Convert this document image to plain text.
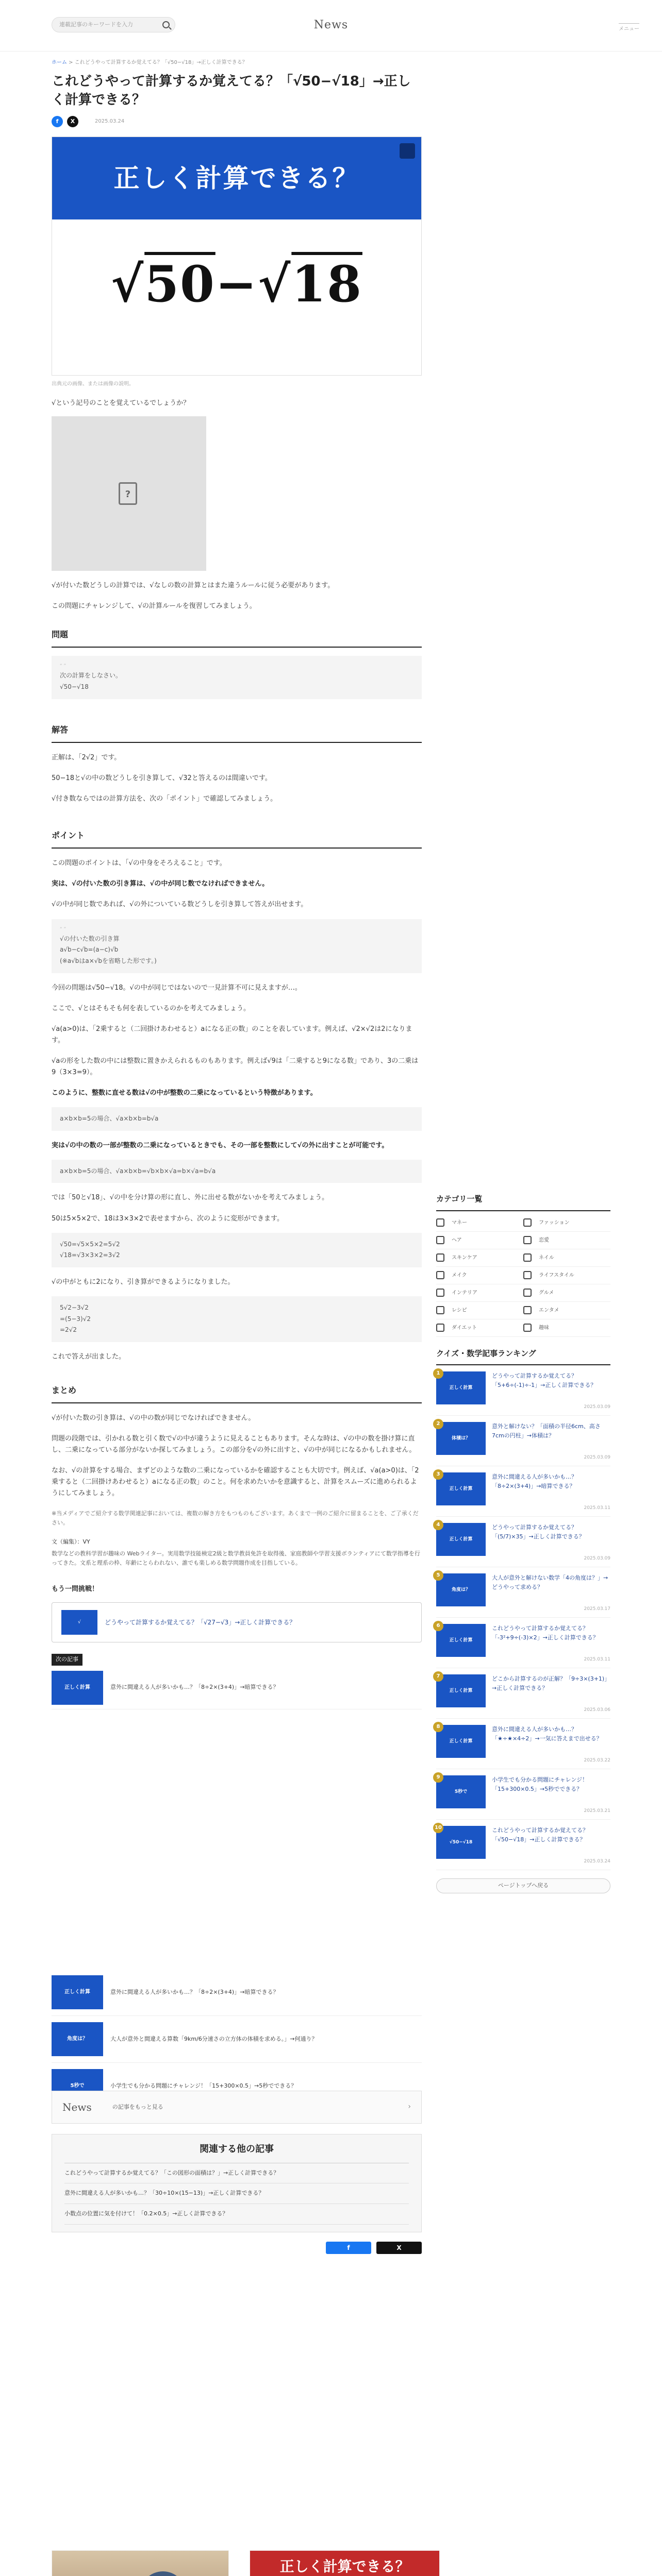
連載記事のキーワードを入力	News	メニュー
ホーム > これどうやって計算するか覚えてる？「√50−√18」→正しく計算できる？
これどうやって計算するか覚えてる？「√50−√18」→正しく計算できる？
f	X	2025.03.24
正しく計算できる？
√50−√18
出典元の画像、または画像の説明。

√という記号のことを覚えているでしょうか？

?

√が付いた数どうしの計算では、√なしの数の計算とはまた違うルールに従う必要があります。

この問題にチャレンジして、√の計算ルールを復習してみましょう。

問題
“ ”
次の計算をしなさい。
√50−√18
解答

正解は、「2√2」です。

50−18と√の中の数どうしを引き算して、√32と答えるのは間違いです。

√付き数ならではの計算方法を、次の「ポイント」で確認してみましょう。

ポイント

この問題のポイントは、「√の中身をそろえること」です。

実は、√の付いた数の引き算は、√の中が同じ数でなければできません。

√の中が同じ数であれば、√の外についている数どうしを引き算して答えが出せます。

“ ”
√の付いた数の引き算
a√b−c√b=(a−c)√b
(※a√bはa×√bを省略した形です。)

今回の問題は√50−√18。√の中が同じではないので一見計算不可に見えますが…。

ここで、√とはそもそも何を表しているのかを考えてみましょう。

√a(a>0)は、「2乗すると（二回掛けあわせると）aになる正の数」のことを表しています。例えば、√2×√2は2になります。

√aの形をした数の中には整数に置きかえられるものもあります。例えば√9は「二乗すると9になる数」であり、3の二乗は9（3×3=9）。

このように、整数に直せる数は√の中が整数の二乗になっているという特徴があります。

a×b×b=5の場合、√a×b×b=b√a

実は√の中の数の一部が整数の二乗になっているときでも、その一部を整数にして√の外に出すことが可能です。

a×b×b=5の場合、√a×b×b=√b×b×√a=b×√a=b√a

では「50と√18」、√の中を分け算の形に直し、外に出せる数がないかを考えてみましょう。

50は5×5×2で、18は3×3×2で表せますから、次のように変形ができます。

√50=√5×5×2=5√2
√18=√3×3×2=3√2

√の中がともに2になり、引き算ができるようになりました。

5√2−3√2
=(5−3)√2
=2√2

これで答えが出ました。

まとめ

√が付いた数の引き算は、√の中の数が同じでなければできません。

問題の段階では、引かれる数と引く数で√の中が違うように見えることもあります。そんな時は、√の中の数を掛け算に直し、二乗になっている部分がないか探してみましょう。この部分を√の外に出すと、√の中が同じになるかもしれません。

なお、√の計算をする場合、まずどのような数の二乗になっているかを確認することも大切です。例えば、√a(a>0)は、「2乗すると（二回掛けあわせると）aになる正の数」のこと。何を求めたいかを意識すると、計算をスムーズに進められるようにしてみましょう。

※当メディアでご紹介する数学関連記事においては、複数の解き方をもつものもございます。あくまで一例のご紹介に留まることを、ご了承ください。

文（編集）：VY

数学などの教科学習が趣味の Webライター。実用数学技能検定2級と数学教員免許を取得後、家庭教師や学習支援ボランティアにて数学指導を行ってきた。文系と理系の枠、年齢にとらわれない、誰でも楽しめる数学問題作成を目指している。

もう一問挑戦！

√	どうやって計算するか覚えてる？「√27−√3」→正しく計算できる？
次の記事
正しく計算	意外に間違える人が多いかも…？「8÷2×(3+4)」→暗算できる？
カテゴリ一覧
マネー	ファッション
ヘア	恋愛
スキンケア	ネイル
メイク	ライフスタイル
インテリア	グルメ
レシピ	エンタメ
ダイエット	趣味
クイズ・数学記事ランキング
正しく計算
1	どうやって計算するか覚えてる？「5+6÷(-1)÷-1」→正しく計算できる？
2025.03.09
体積は？
2	意外と解けない？「面積の半径6cm、高さ7cmの円柱」→体積は？
2025.03.09
正しく計算
3	意外に間違える人が多いかも…？「8÷2×(3+4)」→暗算できる？
2025.03.11
正しく計算
4	どうやって計算するか覚えてる？「(5/7)×35」→正しく計算できる？
2025.03.09
角度は？
5	大人が意外と解けない数学「4の角度は？」→どうやって求める？
2025.03.17
正しく計算
6	これどうやって計算するか覚えてる？「-3²+9÷(-3)×2」→正しく計算できる？
2025.03.11
正しく計算
7	どこから計算するのが正解？「9÷3×(3+1)」→正しく計算できる？
2025.03.06
正しく計算
8	意外に間違える人が多いかも…？「★÷★×4÷2」→一気に答えまで出せる？
2025.03.22
5秒で
9	小学生でも分かる問題にチャレンジ！「15+300×0.5」→5秒でできる？
2025.03.21
√50−√18
10	これどうやって計算するか覚えてる？「√50−√18」→正しく計算できる？
2025.03.24
ページトップへ戻る
正しく計算	意外に間違える人が多いかも…？「8÷2×(3+4)」→暗算できる？
角度は？	大人が意外と間違える算数「9km/6分速さの立方体の体積を求める。」→何通り？
5秒で	小学生でも分かる問題にチャレンジ！「15+300×0.5」→5秒でできる？
News	の記事をもっと見る	›
関連する他の記事
これどうやって計算するか覚えてる？「この図形の面積は？」→正しく計算できる？
意外に間違える人が多いかも…？「30÷10×(15−13)」→正しく計算できる？
小数点の位置に気を付けて！「0.2×0.5」→正しく計算できる？
f	X
正しく計算できる？
